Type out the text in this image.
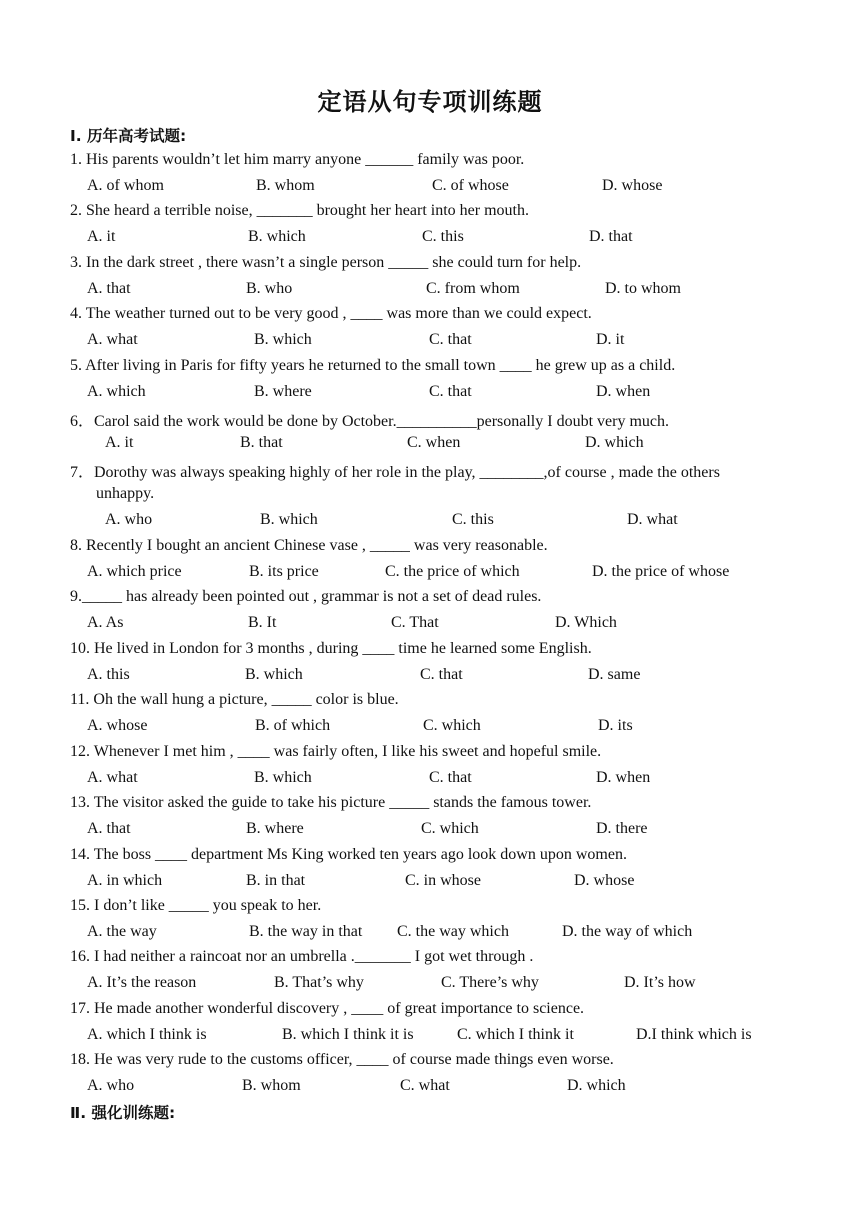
定语从句专项训练题
Ⅰ. 历年高考试题:
1. His parents wouldn’t let him marry anyone ______ family was poor.
A. of whom	B. whom	C. of whose	D. whose
2. She heard a terrible noise, _______ brought her heart into her mouth.
A. it	B. which	C. this	D. that
3. In the dark street , there wasn’t a single person _____ she could turn for help.
A. that	B. who	C. from whom	D. to whom
4. The weather turned out to be very good , ____ was more than we could expect.
A. what	B. which	C. that	D. it
5. After living in Paris for fifty years he returned to the small town ____ he grew up as a child.
A. which	B. where	C. that	D. when
6．Carol said the work would be done by October.__________personally I doubt very much.
A. it	B. that	C. when	D. which
7．Dorothy was always speaking highly of her role in the play, ________,of course , made the others
unhappy.
A. who	B. which	C. this	D. what
8. Recently I bought an ancient Chinese vase , _____ was very reasonable.
A. which price	B. its price	C. the price of which	D. the price of whose
9._____ has already been pointed out , grammar is not a set of dead rules.
A. As	B. It	C. That	D. Which
10. He lived in London for 3 months , during ____ time he learned some English.
A. this	B. which	C. that	D. same
11. Oh the wall hung a picture, _____ color is blue.
A. whose	B. of which	C. which	D. its
12. Whenever I met him , ____ was fairly often, I like his sweet and hopeful smile.
A. what	B. which	C. that	D. when
13. The visitor asked the guide to take his picture _____ stands the famous tower.
A. that	B. where	C. which	D. there
14. The boss ____ department Ms King worked ten years ago look down upon women.
A. in which	B. in that	C. in whose	D. whose
15. I don’t like _____ you speak to her.
A. the way	B. the way in that C. the way which	D. the way of which
16. I had neither a raincoat nor an umbrella ._______ I got wet through .
A. It’s the reason	B. That’s why	C. There’s why	D. It’s how
17. He made another wonderful discovery , ____ of great importance to science.
A. which I think is	B. which I think it is	C. which I think it	D.I think which is
18. He was very rude to the customs officer, ____ of course made things even worse.
A. who	B. whom	C. what	D. which
Ⅱ. 强化训练题:
